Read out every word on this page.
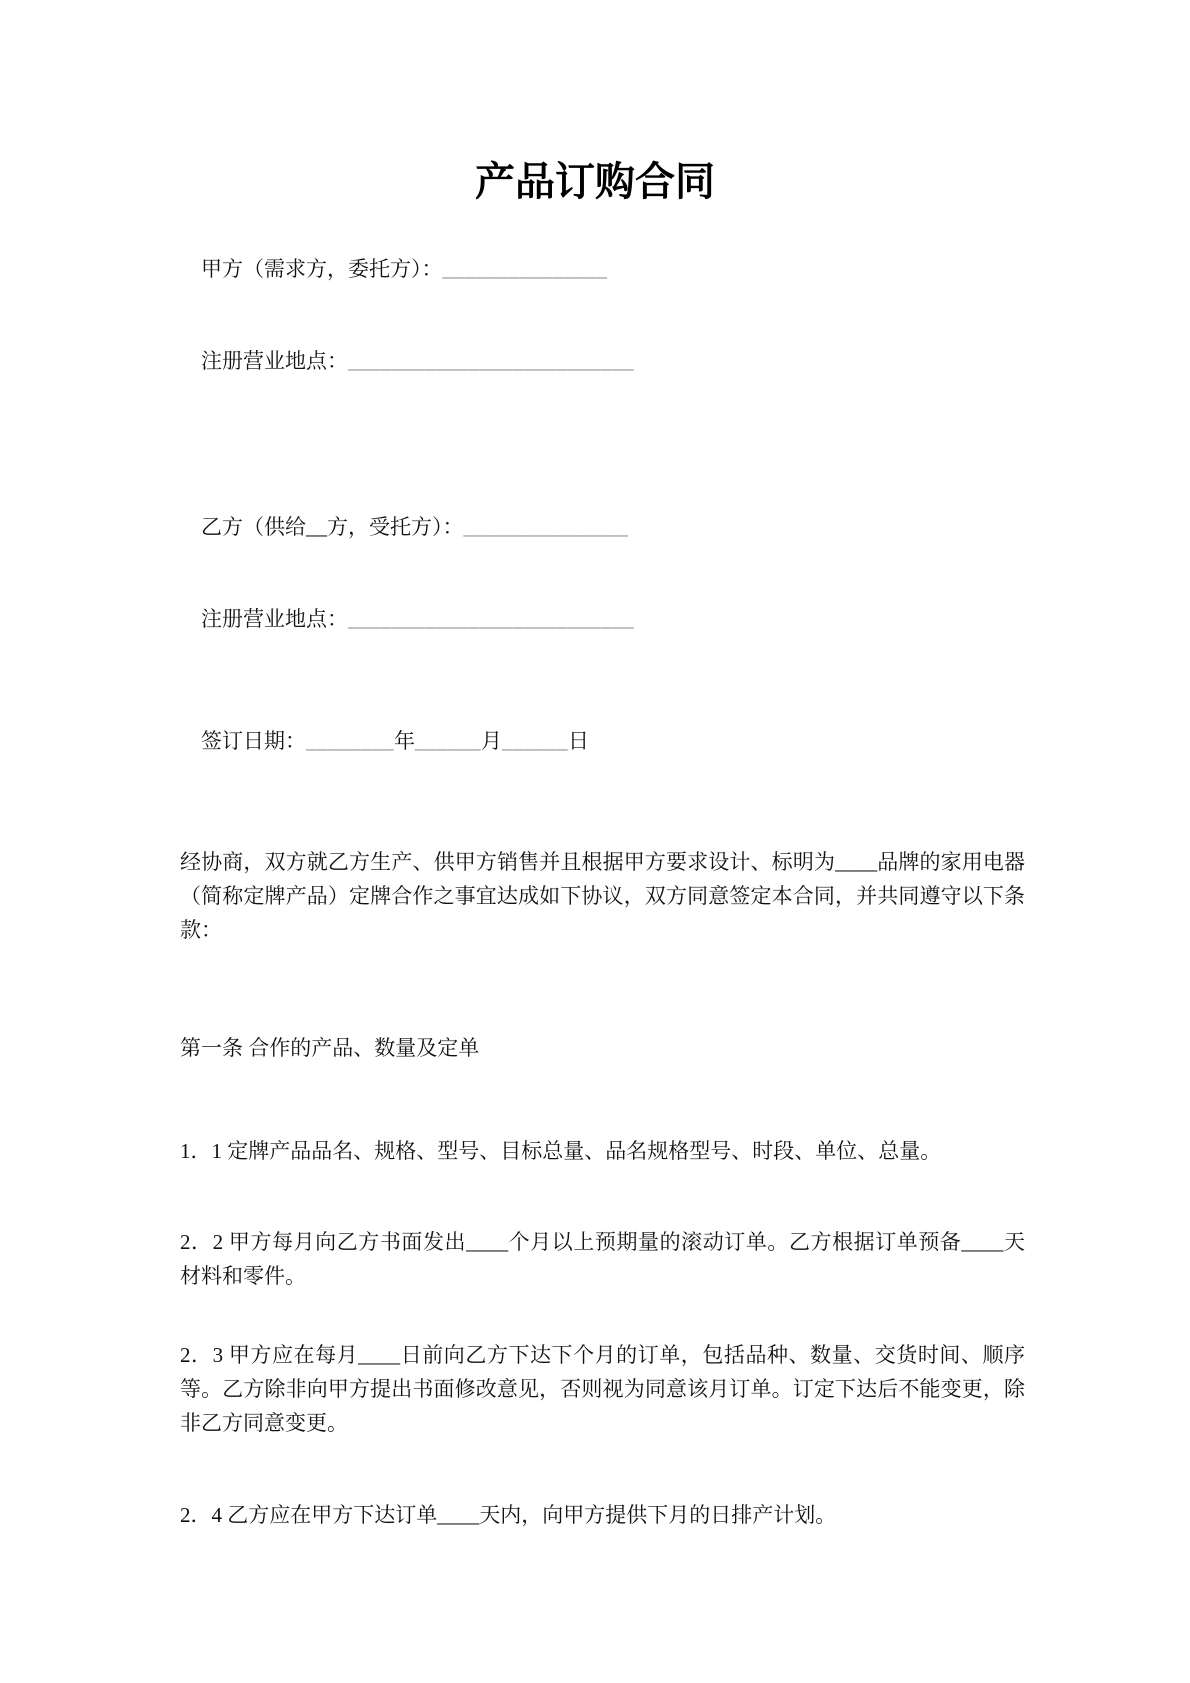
产品订购合同

甲方（需求方，委托方）：_______________

注册营业地点：__________________________

乙方（供给__方，受托方）：_______________

注册营业地点：__________________________

签订日期：________年______月______日

经协商，双方就乙方生产、供甲方销售并且根据甲方要求设计、标明为____品牌的家用电器（简称定牌产品）定牌合作之事宜达成如下协议，双方同意签定本合同，并共同遵守以下条款：

第一条 合作的产品、数量及定单

1．1 定牌产品品名、规格、型号、目标总量、品名规格型号、时段、单位、总量。

2．2 甲方每月向乙方书面发出____个月以上预期量的滚动订单。乙方根据订单预备____天材料和零件。

2．3 甲方应在每月____日前向乙方下达下个月的订单，包括品种、数量、交货时间、顺序等。乙方除非向甲方提出书面修改意见，否则视为同意该月订单。订定下达后不能变更，除非乙方同意变更。

2．4 乙方应在甲方下达订单____天内，向甲方提供下月的日排产计划。
